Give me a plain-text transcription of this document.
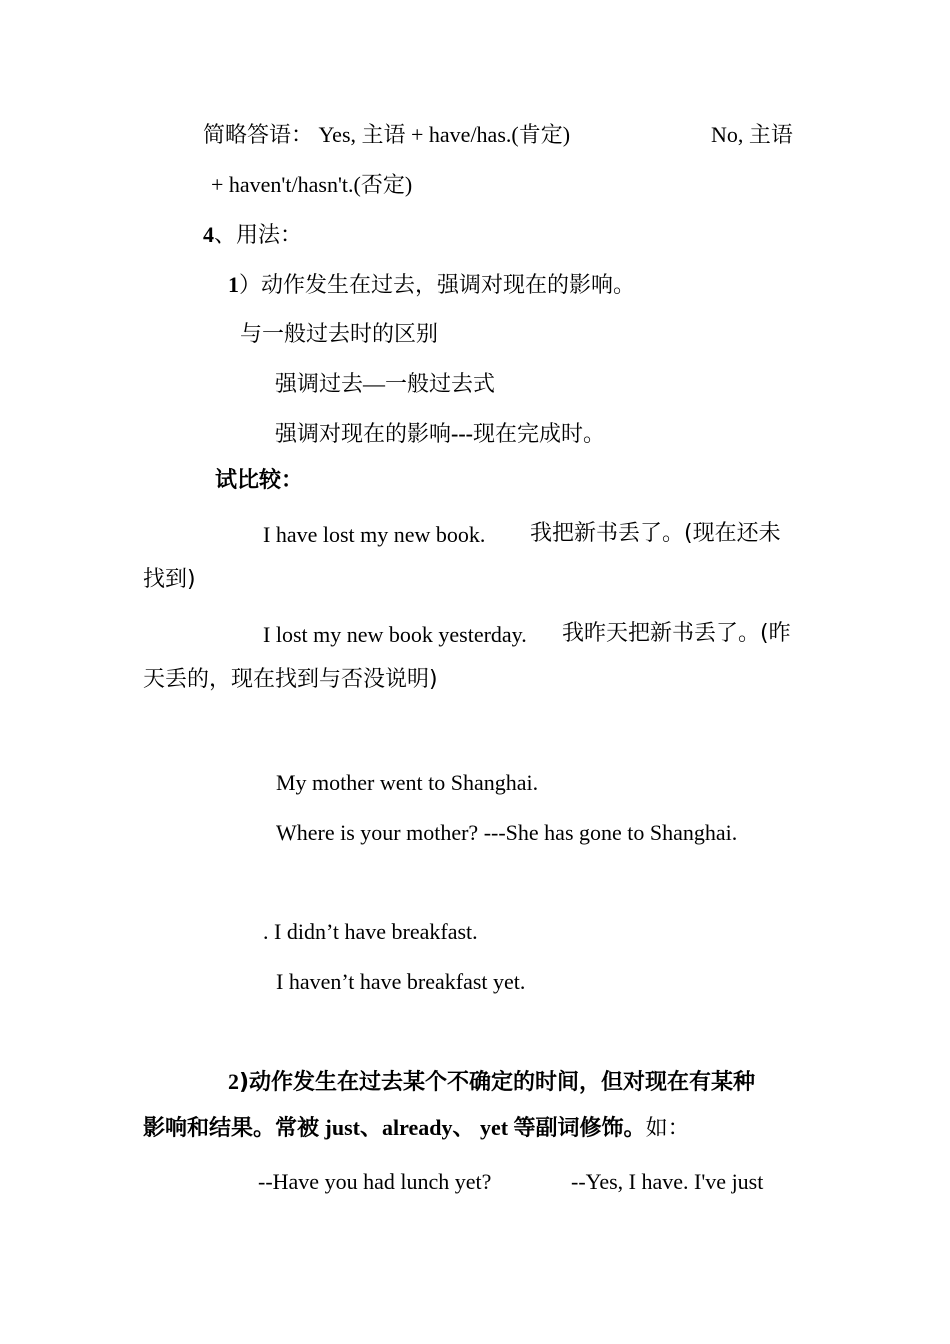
简略答语： Yes, 主语 + have/has.(肯定)	No, 主语
+ haven't/hasn't.(否定)
4、用法：
1）动作发生在过去，强调对现在的影响。
与一般过去时的区别
强调过去—一般过去式
强调对现在的影响---现在完成时。
试比较：
I have lost my new book. 我把新书丢了。(现在还未
找到)
I lost my new book yesterday. 我昨天把新书丢了。(昨
天丢的，现在找到与否没说明)
My mother went to Shanghai.
Where is your mother? ---She has gone to Shanghai.
. I didn’t have breakfast.
I haven’t have breakfast yet.
2)动作发生在过去某个不确定的时间，但对现在有某种
影响和结果。常被 just、already、 yet 等副词修饰。如：
--Have you had lunch yet?	--Yes, I have. I've just
